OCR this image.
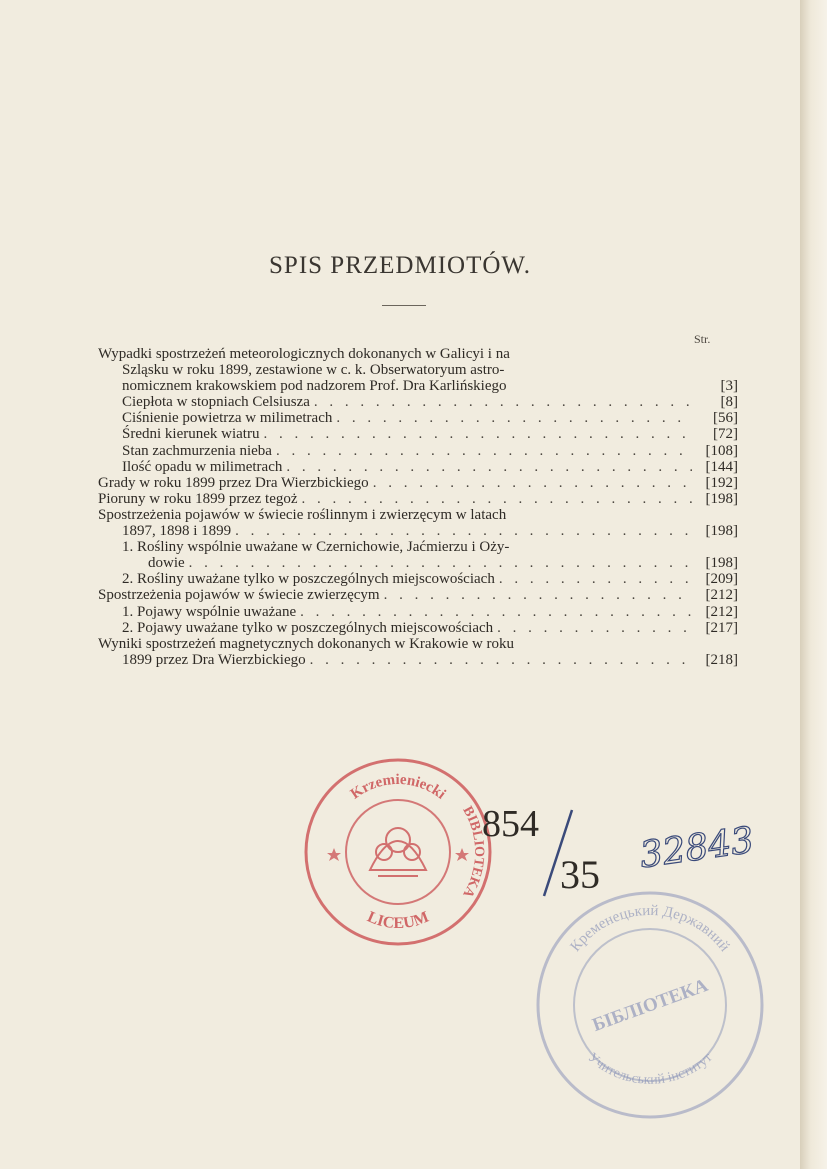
SPIS PRZEDMIOTÓW.
Str.
Wypadki spostrzeżeń meteorologicznych dokonanych w Galicyi i na
Szląsku w roku 1899, zestawione w c. k. Obserwatoryum astro-
nomicznem krakowskiem pod nadzorem Prof. Dra Karlińskiego	[3]
Ciepłota w stopniach Celsiusza . . .	[8]
Ciśnienie powietrza w milimetrach . . .	[56]
Średni kierunek wiatru . . .	[72]
Stan zachmurzenia nieba . . .	[108]
Ilość opadu w milimetrach . . .	[144]
Grady w roku 1899 przez Dra Wierzbickiego . . .	[192]
Pioruny w roku 1899 przez tegoż . . .	[198]
Spostrzeżenia pojawów w świecie roślinnym i zwierzęcym w latach
1897, 1898 i 1899 . . .	[198]
1. Rośliny wspólnie uważane w Czernichowie, Jaćmierzu i Oży-
dowie . . .	[198]
2. Rośliny uważane tylko w poszczególnych miejscowościach . . .	[209]
Spostrzeżenia pojawów w świecie zwierzęcym . . .	[212]
1. Pojawy wspólnie uważane . . .	[212]
2. Pojawy uważane tylko w poszczególnych miejscowościach . . .	[217]
Wyniki spostrzeżeń magnetycznych dokonanych w Krakowie w roku
1899 przez Dra Wierzbickiego . . .	[218]
Krzemieniecki
BIBLIOTEKA
LICEUM
Кременецький Державний
БІБЛІОТЕКА
Учительський інститут
854
35 32843
